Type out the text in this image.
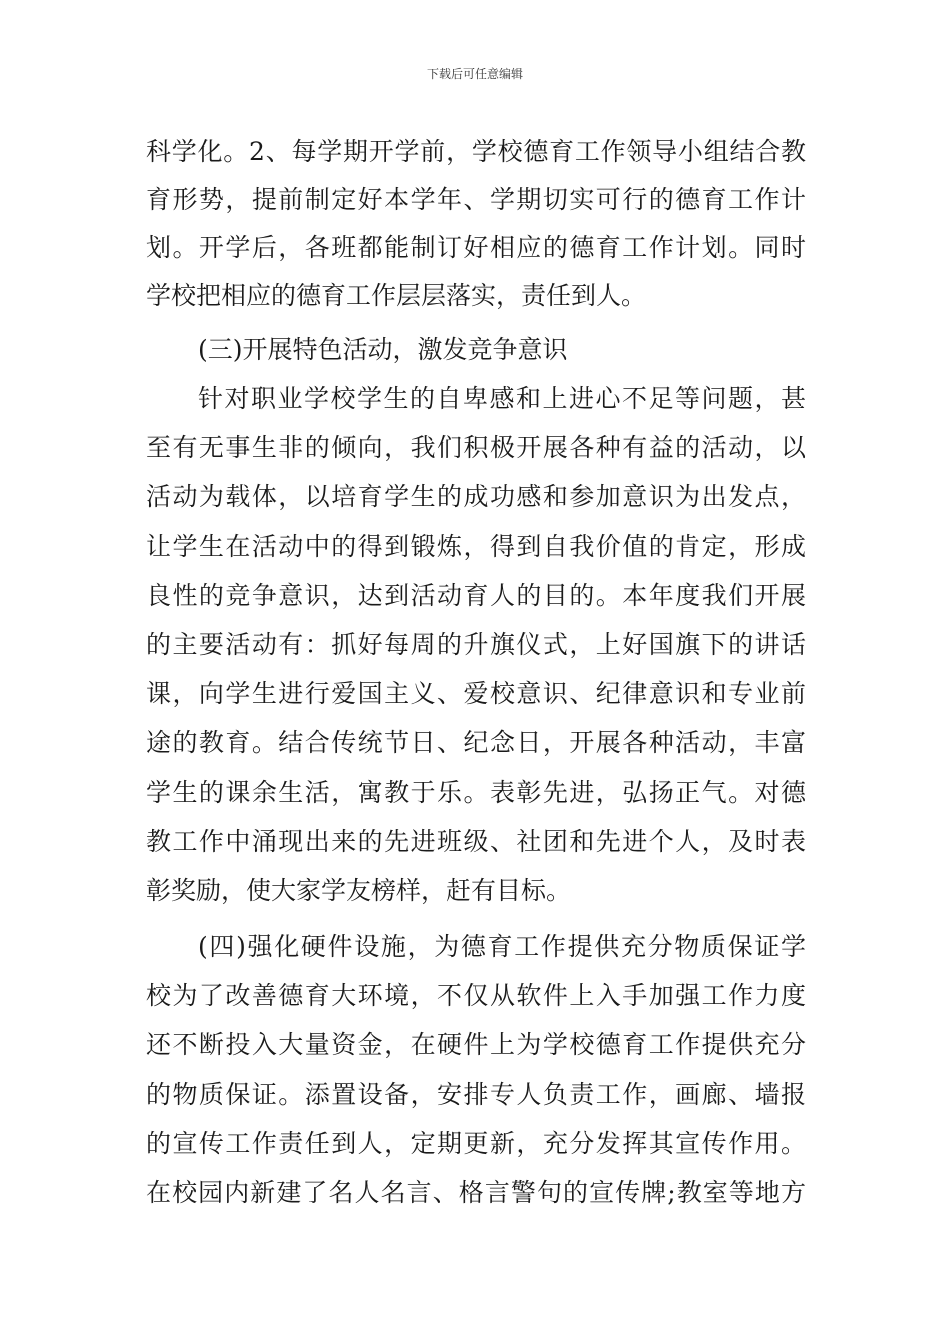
下载后可任意编辑
科学化。2、每学期开学前，学校德育工作领导小组结合教
育形势，提前制定好本学年、学期切实可行的德育工作计
划。开学后，各班都能制订好相应的德育工作计划。同时
学校把相应的德育工作层层落实，责任到人。
(三)开展特色活动，激发竞争意识
针对职业学校学生的自卑感和上进心不足等问题，甚
至有无事生非的倾向，我们积极开展各种有益的活动，以
活动为载体，以培育学生的成功感和参加意识为出发点，
让学生在活动中的得到锻炼，得到自我价值的肯定，形成
良性的竞争意识，达到活动育人的目的。本年度我们开展
的主要活动有：抓好每周的升旗仪式，上好国旗下的讲话
课，向学生进行爱国主义、爱校意识、纪律意识和专业前
途的教育。结合传统节日、纪念日，开展各种活动，丰富
学生的课余生活，寓教于乐。表彰先进，弘扬正气。对德
教工作中涌现出来的先进班级、社团和先进个人，及时表
彰奖励，使大家学友榜样，赶有目标。
(四)强化硬件设施，为德育工作提供充分物质保证学
校为了改善德育大环境，不仅从软件上入手加强工作力度
还不断投入大量资金，在硬件上为学校德育工作提供充分
的物质保证。添置设备，安排专人负责工作，画廊、墙报
的宣传工作责任到人，定期更新，充分发挥其宣传作用。
在校园内新建了名人名言、格言警句的宣传牌;教室等地方
